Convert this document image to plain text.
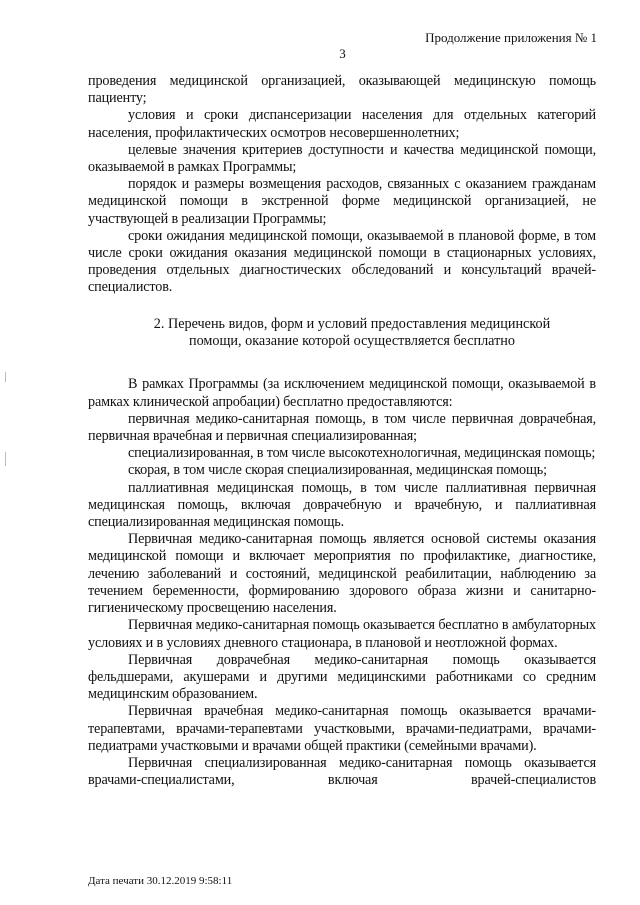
Продолжение приложения № 1
3

проведения медицинской организацией, оказывающей медицинскую помощь пациенту;

условия и сроки диспансеризации населения для отдельных категорий населения, профилактических осмотров несовершеннолетних;

целевые значения критериев доступности и качества медицинской помощи, оказываемой в рамках Программы;

порядок и размеры возмещения расходов, связанных с оказанием гражданам медицинской помощи в экстренной форме медицинской организацией, не участвующей в реализации Программы;

сроки ожидания медицинской помощи, оказываемой в плановой форме, в том числе сроки ожидания оказания медицинской помощи в стационарных условиях, проведения отдельных диагностических обследований и консультаций врачей-специалистов.

2. Перечень видов, форм и условий предоставления медицинской
помощи, оказание которой осуществляется бесплатно

В рамках Программы (за исключением медицинской помощи, оказываемой в рамках клинической апробации) бесплатно предоставляются:

первичная медико-санитарная помощь, в том числе первичная доврачебная, первичная врачебная и первичная специализированная;

специализированная, в том числе высокотехнологичная, медицинская помощь;

скорая, в том числе скорая специализированная, медицинская помощь;

паллиативная медицинская помощь, в том числе паллиативная первичная медицинская помощь, включая доврачебную и врачебную, и паллиативная специализированная медицинская помощь.

Первичная медико-санитарная помощь является основой системы оказания медицинской помощи и включает мероприятия по профилактике, диагностике, лечению заболеваний и состояний, медицинской реабилитации, наблюдению за течением беременности, формированию здорового образа жизни и санитарно-гигиеническому просвещению населения.

Первичная медико-санитарная помощь оказывается бесплатно в амбулаторных условиях и в условиях дневного стационара, в плановой и неотложной формах.

Первичная доврачебная медико-санитарная помощь оказывается фельдшерами, акушерами и другими медицинскими работниками со средним медицинским образованием.

Первичная врачебная медико-санитарная помощь оказывается врачами-терапевтами, врачами-терапевтами участковыми, врачами-педиатрами, врачами-педиатрами участковыми и врачами общей практики (семейными врачами).

Первичная специализированная медико-санитарная помощь оказывается врачами-специалистами, включая врачей-специалистов

Дата печати 30.12.2019 9:58:11
